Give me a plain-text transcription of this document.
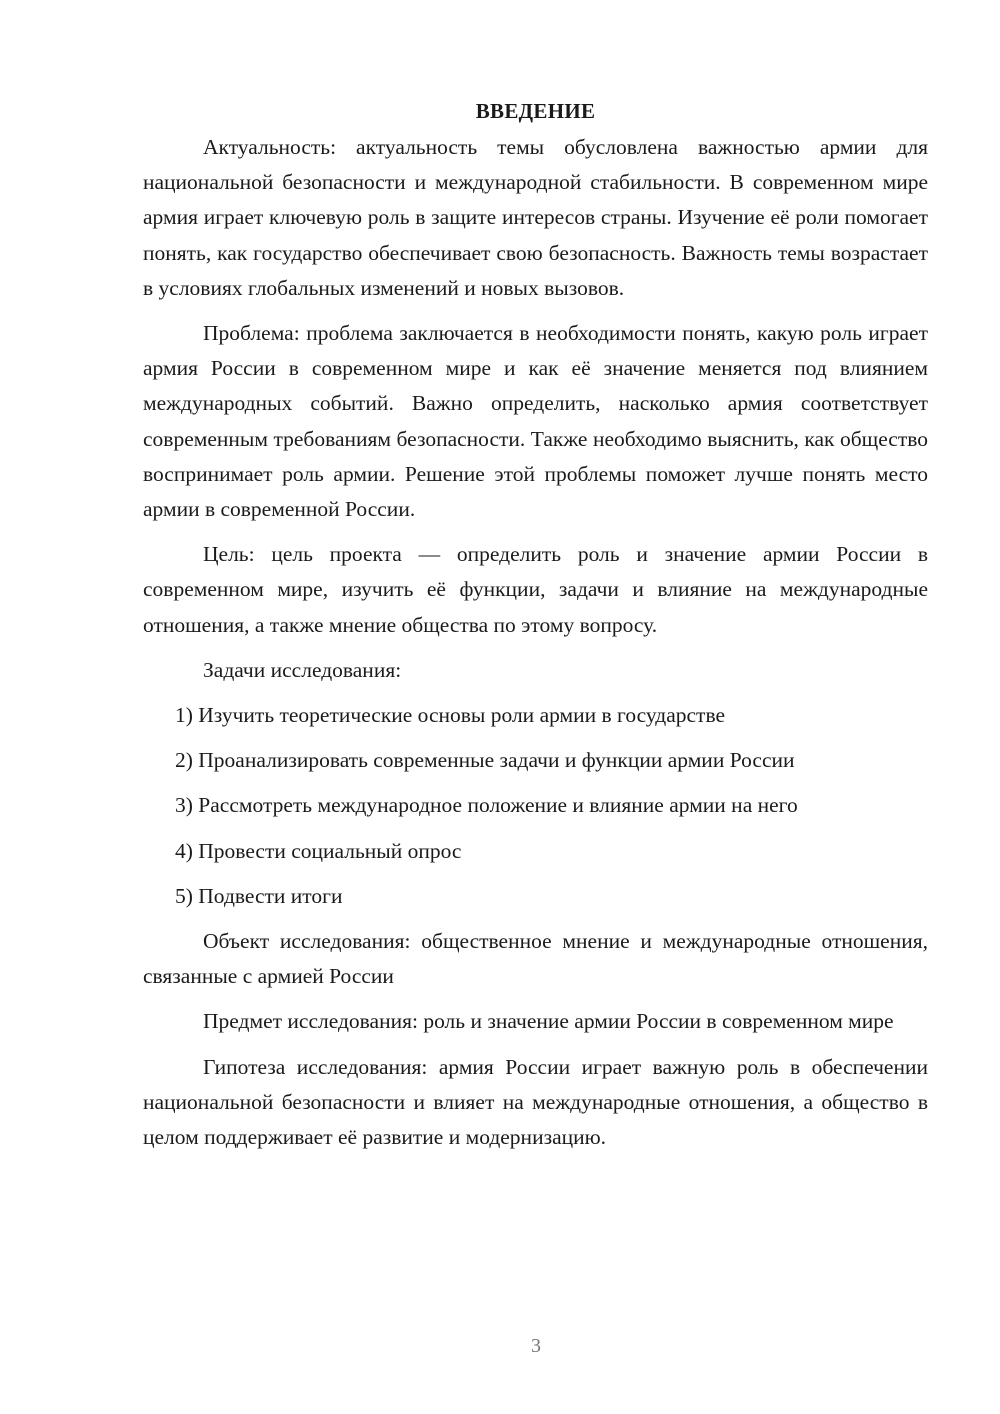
ВВЕДЕНИЕ

Актуальность: актуальность темы обусловлена важностью армии для национальной безопасности и международной стабильности. В современном мире армия играет ключевую роль в защите интересов страны. Изучение её роли помогает понять, как государство обеспечивает свою безопасность. Важность темы возрастает в условиях глобальных изменений и новых вызовов.

Проблема: проблема заключается в необходимости понять, какую роль играет армия России в современном мире и как её значение меняется под влиянием международных событий. Важно определить, насколько армия соответствует современным требованиям безопасности. Также необходимо выяснить, как общество воспринимает роль армии. Решение этой проблемы поможет лучше понять место армии в современной России.

Цель: цель проекта — определить роль и значение армии России в современном мире, изучить её функции, задачи и влияние на международные отношения, а также мнение общества по этому вопросу.

Задачи исследования:

1) Изучить теоретические основы роли армии в государстве
2) Проанализировать современные задачи и функции армии России
3) Рассмотреть международное положение и влияние армии на него
4) Провести социальный опрос
5) Подвести итоги

Объект исследования: общественное мнение и международные отношения, связанные с армией России

Предмет исследования: роль и значение армии России в современном мире

Гипотеза исследования: армия России играет важную роль в обеспечении национальной безопасности и влияет на международные отношения, а общество в целом поддерживает её развитие и модернизацию.

3
